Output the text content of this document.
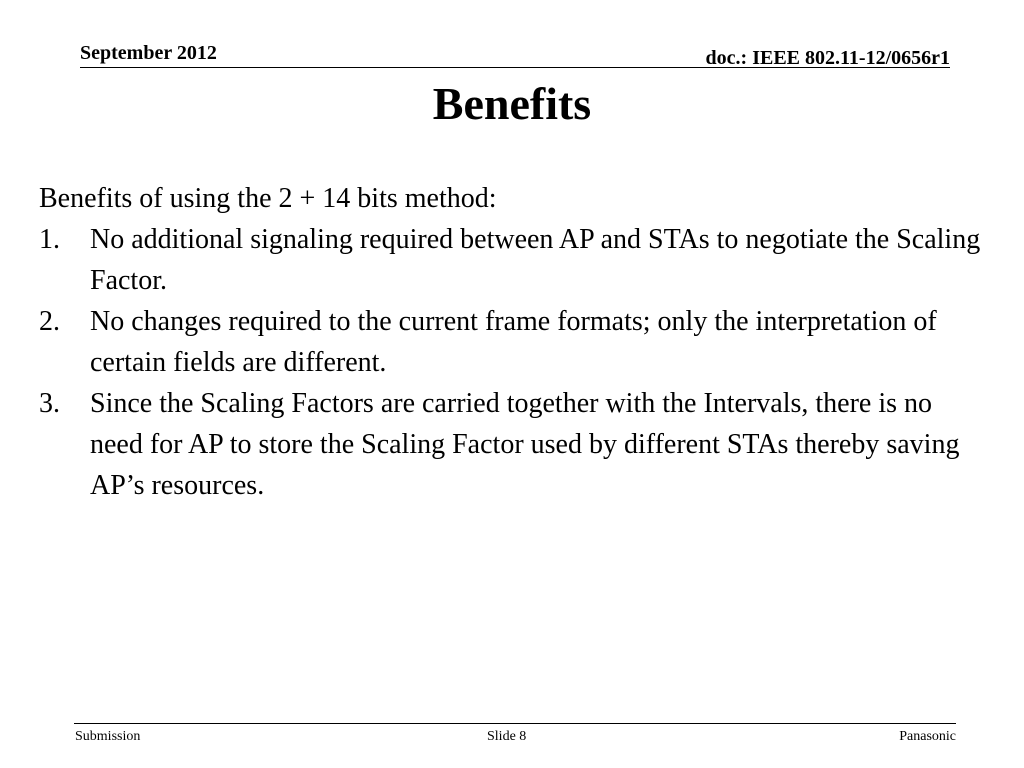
September 2012	doc.: IEEE 802.11-12/0656r1
Benefits

Benefits of using the 2 + 14 bits method:

1. No additional signaling required between AP and STAs to negotiate the Scaling Factor.
2. No changes required to the current frame formats; only the interpretation of certain fields are different.
3. Since the Scaling Factors are carried together with the Intervals, there is no need for AP to store the Scaling Factor used by different STAs thereby saving AP’s resources.
Submission	Slide 8	Panasonic
